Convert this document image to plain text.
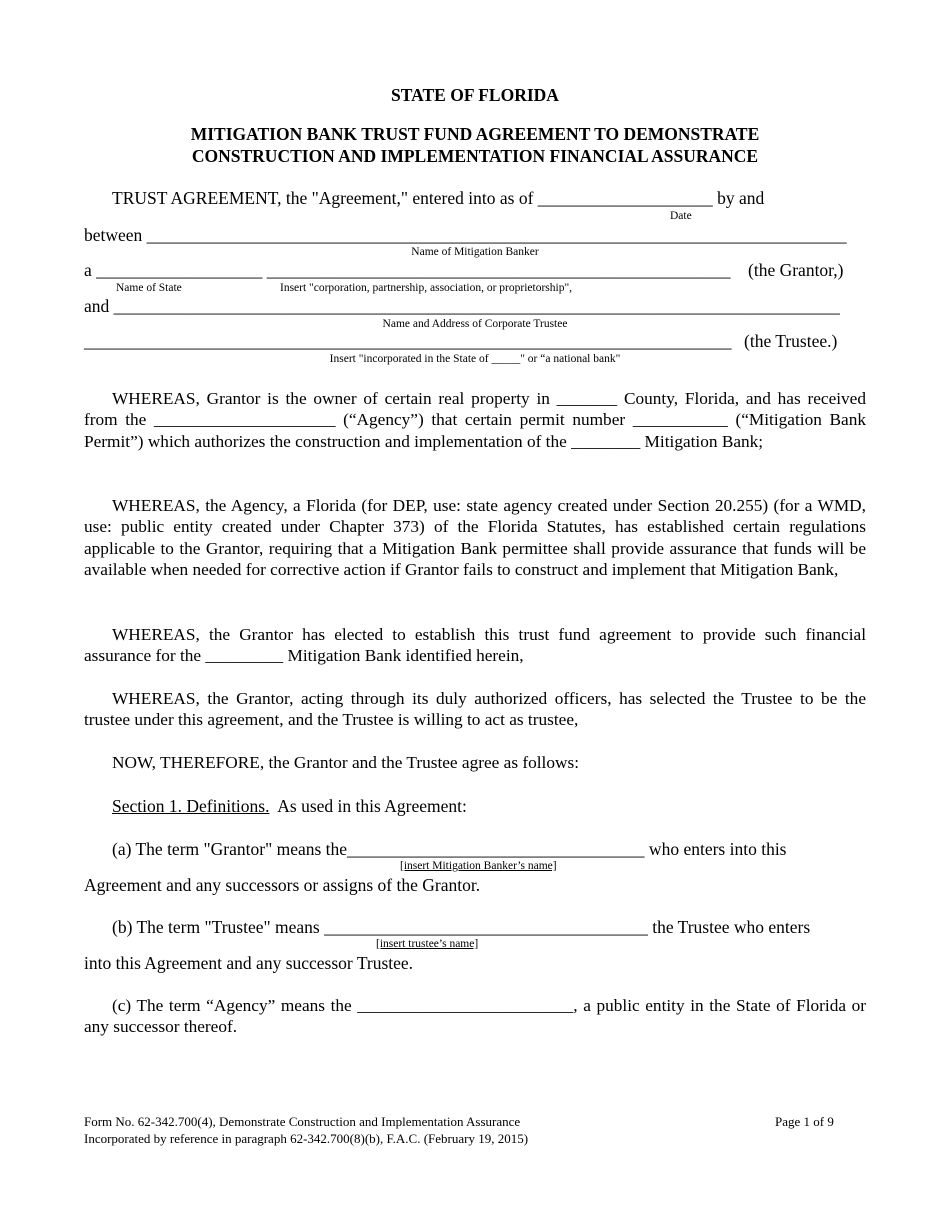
STATE OF FLORIDA
MITIGATION BANK TRUST FUND AGREEMENT TO DEMONSTRATE
CONSTRUCTION AND IMPLEMENTATION FINANCIAL ASSURANCE
TRUST AGREEMENT, the "Agreement," entered into as of ____________________ by and
Date
between ________________________________________________________________________________
Name of Mitigation Banker
a ___________________ _____________________________________________________ (the Grantor,)
Name of State	Insert "corporation, partnership, association, or proprietorship",
and ___________________________________________________________________________________
Name and Address of Corporate Trustee
__________________________________________________________________________ (the Trustee.)
Insert "incorporated in the State of _____" or “a national bank"
WHEREAS, Grantor is the owner of certain real property in _______ County, Florida, and has received from the _____________________ (“Agency”) that certain permit number ___________ (“Mitigation Bank Permit”) which authorizes the construction and implementation of the ________ Mitigation Bank;
WHEREAS, the Agency, a Florida (for DEP, use: state agency created under Section 20.255) (for a WMD, use: public entity created under Chapter 373) of the Florida Statutes, has established certain regulations applicable to the Grantor, requiring that a Mitigation Bank permittee shall provide assurance that funds will be available when needed for corrective action if Grantor fails to construct and implement that Mitigation Bank,
WHEREAS, the Grantor has elected to establish this trust fund agreement to provide such financial assurance for the _________ Mitigation Bank identified herein,
WHEREAS, the Grantor, acting through its duly authorized officers, has selected the Trustee to be the trustee under this agreement, and the Trustee is willing to act as trustee,
NOW, THEREFORE, the Grantor and the Trustee agree as follows:
Section 1. Definitions.  As used in this Agreement:
(a) The term "Grantor" means the__________________________________ who enters into this
[insert Mitigation Banker’s name]
Agreement and any successors or assigns of the Grantor.
(b) The term "Trustee" means _____________________________________ the Trustee who enters
[insert trustee’s name]
into this Agreement and any successor Trustee.
(c) The term “Agency” means the _________________________, a public entity in the State of Florida or any successor thereof.
Form No. 62-342.700(4), Demonstrate Construction and Implementation Assurance
Incorporated by reference in paragraph 62-342.700(8)(b), F.A.C. (February 19, 2015)
Page 1 of 9
